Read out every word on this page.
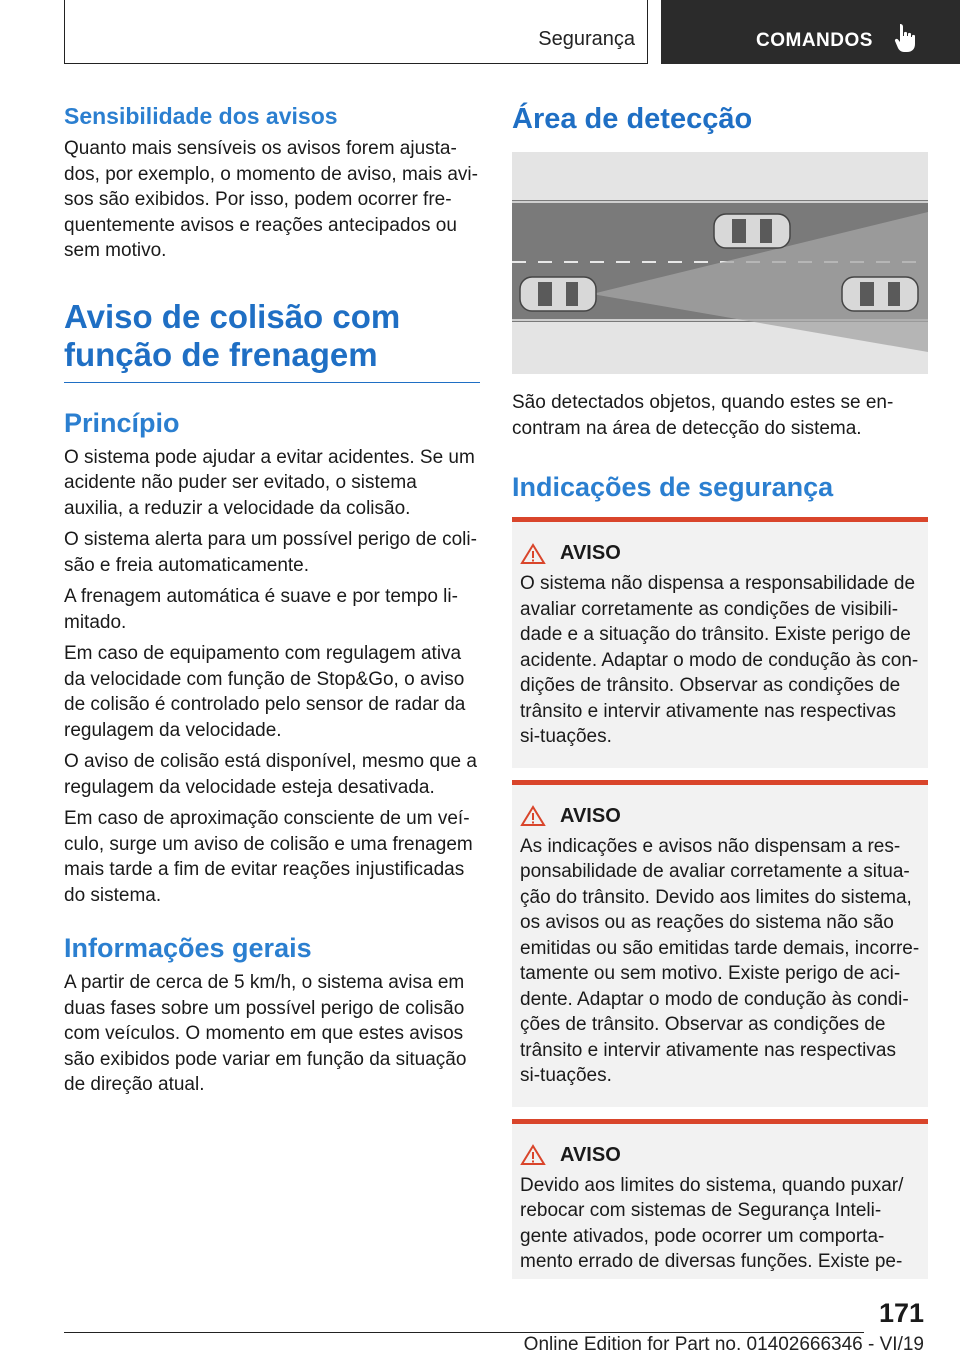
Segurança	COMANDOS
Sensibilidade dos avisos

Quanto mais sensíveis os avisos forem ajusta-dos, por exemplo, o momento de aviso, mais avi-sos são exibidos. Por isso, podem ocorrer fre-quentemente avisos e reações antecipados ou sem motivo.

Aviso de colisão com função de frenagem
Princípio

O sistema pode ajudar a evitar acidentes. Se um acidente não puder ser evitado, o sistema auxilia, a reduzir a velocidade da colisão.

O sistema alerta para um possível perigo de coli-são e freia automaticamente.

A frenagem automática é suave e por tempo li-mitado.

Em caso de equipamento com regulagem ativa da velocidade com função de Stop&Go, o aviso de colisão é controlado pelo sensor de radar da regulagem da velocidade.

O aviso de colisão está disponível, mesmo que a regulagem da velocidade esteja desativada.

Em caso de aproximação consciente de um veí-culo, surge um aviso de colisão e uma frenagem mais tarde a fim de evitar reações injustificadas do sistema.

Informações gerais

A partir de cerca de 5 km/h, o sistema avisa em duas fases sobre um possível perigo de colisão com veículos. O momento em que estes avisos são exibidos pode variar em função da situação de direção atual.

Área de detecção

São detectados objetos, quando estes se en-contram na área de detecção do sistema.

Indicações de segurança
AVISO

O sistema não dispensa a responsabilidade de avaliar corretamente as condições de visibili-dade e a situação do trânsito. Existe perigo de acidente. Adaptar o modo de condução às con-dições de trânsito. Observar as condições de trânsito e intervir ativamente nas respectivas si-tuações.

AVISO

As indicações e avisos não dispensam a res-ponsabilidade de avaliar corretamente a situa-ção do trânsito. Devido aos limites do sistema, os avisos ou as reações do sistema não são emitidas ou são emitidas tarde demais, incorre-tamente ou sem motivo. Existe perigo de aci-dente. Adaptar o modo de condução às condi-ções de trânsito. Observar as condições de trânsito e intervir ativamente nas respectivas si-tuações.

AVISO

Devido aos limites do sistema, quando puxar/ rebocar com sistemas de Segurança Inteli-gente ativados, pode ocorrer um comporta-mento errado de diversas funções. Existe pe-

171
Online Edition for Part no. 01402666346 - VI/19
